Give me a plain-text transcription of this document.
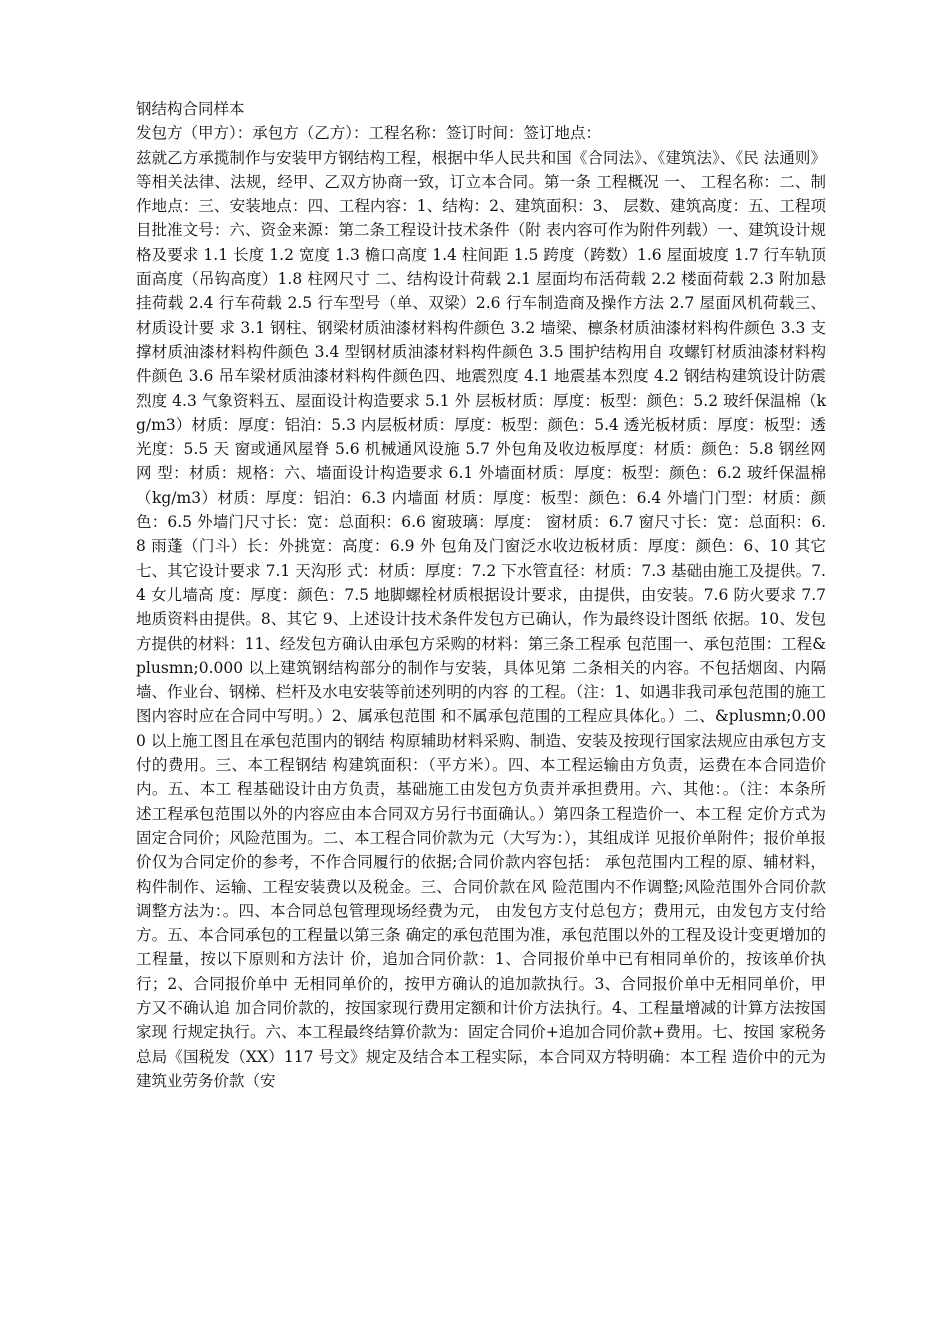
钢结构合同样本

发包方（甲方）：承包方（乙方）：工程名称：签订时间：签订地点：

兹就乙方承揽制作与安装甲方钢结构工程，根据中华人民共和国《合同法》、《建筑法》、《民 法通则》等相关法律、法规，经甲、乙双方协商一致，订立本合同。第一条 工程概况 一、 工程名称：二、制作地点：三、安装地点：四、工程内容：1、结构：2、建筑面积：3、 层数、建筑高度：五、工程项目批准文号：六、资金来源：第二条工程设计技术条件（附 表内容可作为附件列载）一、建筑设计规格及要求 1.1 长度 1.2 宽度 1.3 檐口高度 1.4 柱间距 1.5 跨度（跨数）1.6 屋面坡度 1.7 行车轨顶面高度（吊钩高度）1.8 柱网尺寸 二、结构设计荷载 2.1 屋面均布活荷载 2.2 楼面荷载 2.3 附加悬挂荷载 2.4 行车荷载 2.5 行车型号（单、双梁）2.6 行车制造商及操作方法 2.7 屋面风机荷载三、材质设计要 求 3.1 钢柱、钢梁材质油漆材料构件颜色 3.2 墙梁、檩条材质油漆材料构件颜色 3.3 支撑材质油漆材料构件颜色 3.4 型钢材质油漆材料构件颜色 3.5 围护结构用自 攻螺钉材质油漆材料构件颜色 3.6 吊车梁材质油漆材料构件颜色四、地震烈度 4.1 地震基本烈度 4.2 钢结构建筑设计防震烈度 4.3 气象资料五、屋面设计构造要求 5.1 外 层板材质：厚度：板型：颜色：5.2 玻纤保温棉（kg/m3）材质：厚度：铝泊：5.3 内层板材质：厚度：板型：颜色：5.4 透光板材质：厚度：板型：透光度：5.5 天 窗或通风屋脊 5.6 机械通风设施 5.7 外包角及收边板厚度：材质：颜色：5.8 钢丝网网 型：材质：规格：六、墙面设计构造要求 6.1 外墙面材质：厚度：板型：颜色：6.2 玻纤保温棉（kg/m3）材质：厚度：铝泊：6.3 内墙面 材质：厚度：板型：颜色：6.4 外墙门门型：材质：颜色：6.5 外墙门尺寸长：宽：总面积：6.6 窗玻璃：厚度： 窗材质：6.7 窗尺寸长：宽：总面积：6.8 雨蓬（门斗）长：外挑宽：高度：6.9 外 包角及门窗泛水收边板材质：厚度：颜色：6、10 其它七、其它设计要求 7.1 天沟形 式：材质：厚度：7.2 下水管直径：材质：7.3 基础由施工及提供。7.4 女儿墙高 度：厚度：颜色：7.5 地脚螺栓材质根据设计要求，由提供，由安装。7.6 防火要求 7.7 地质资料由提供。8、其它 9、上述设计技术条件发包方已确认，作为最终设计图纸 依据。10、发包方提供的材料：11、经发包方确认由承包方采购的材料：第三条工程承 包范围一、承包范围：工程&plusmn;0.000 以上建筑钢结构部分的制作与安装，具体见第 二条相关的内容。不包括烟囱、内隔墙、作业台、钢梯、栏杆及水电安装等前述列明的内容 的工程。（注：1、如遇非我司承包范围的施工图内容时应在合同中写明。）2、属承包范围 和不属承包范围的工程应具体化。）二、&plusmn;0.000 以上施工图且在承包范围内的钢结 构原辅助材料采购、制造、安装及按现行国家法规应由承包方支付的费用。三、本工程钢结 构建筑面积：（平方米）。四、本工程运输由方负责，运费在本合同造价内。五、本工 程基础设计由方负责，基础施工由发包方负责并承担费用。六、其他：。（注：本条所 述工程承包范围以外的内容应由本合同双方另行书面确认。）第四条工程造价一、本工程 定价方式为固定合同价；风险范围为。二、本工程合同价款为元（大写为：），其组成详 见报价单附件；报价单报价仅为合同定价的参考，不作合同履行的依据;合同价款内容包括： 承包范围内工程的原、辅材料，构件制作、运输、工程安装费以及税金。三、合同价款在风 险范围内不作调整;风险范围外合同价款调整方法为：。四、本合同总包管理现场经费为元， 由发包方支付总包方；费用元，由发包方支付给方。五、本合同承包的工程量以第三条 确定的承包范围为准，承包范围以外的工程及设计变更增加的工程量，按以下原则和方法计 价，追加合同价款：1、合同报价单中已有相同单价的，按该单价执行；2、合同报价单中 无相同单价的，按甲方确认的追加款执行。3、合同报价单中无相同单价，甲方又不确认追 加合同价款的，按国家现行费用定额和计价方法执行。4、工程量增减的计算方法按国家现 行规定执行。六、本工程最终结算价款为：固定合同价+追加合同价款+费用。七、按国 家税务总局《国税发（XX）117 号文》规定及结合本工程实际，本合同双方特明确：本工程 造价中的元为建筑业劳务价款（安
